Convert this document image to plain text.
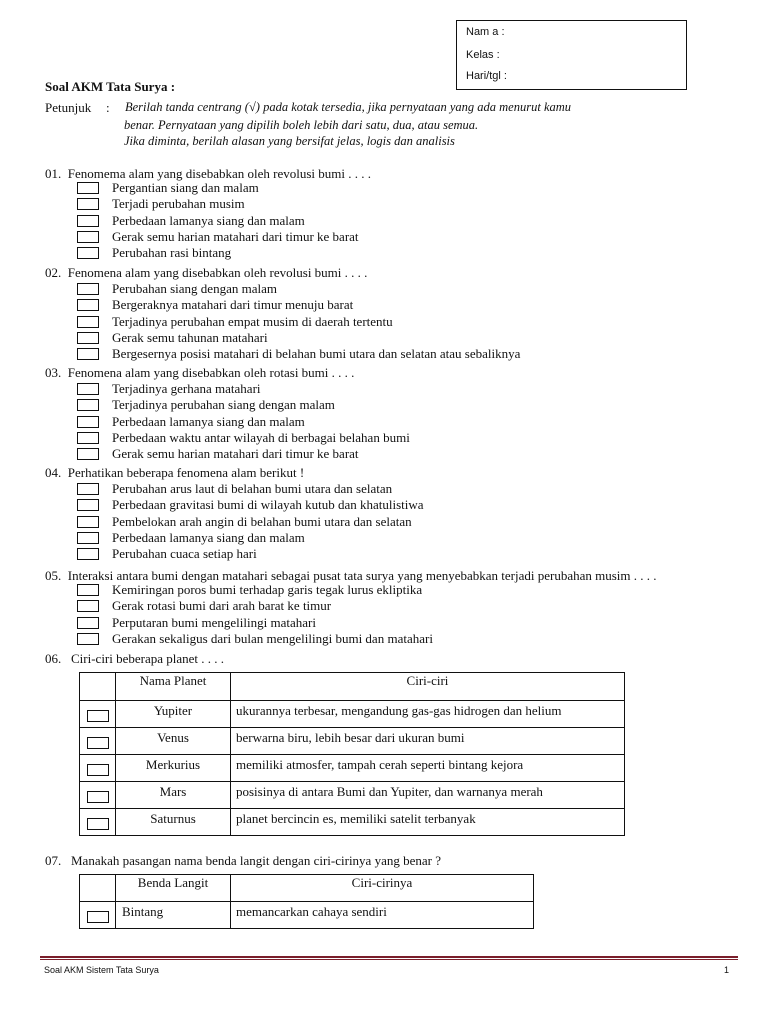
Nam a :
Kelas :
Hari/tgl :
Soal AKM Tata Surya :
Petunjuk : Berilah tanda centrang (√) pada kotak tersedia, jika pernyataan yang ada menurut kamu
benar. Pernyataan yang dipilih boleh lebih dari satu, dua, atau semua.
Jika diminta, berilah alasan yang bersifat jelas, logis dan analisis
01. Fenomema alam yang disebabkan oleh revolusi bumi . . . .
Pergantian siang dan malam
Terjadi perubahan musim
Perbedaan lamanya siang dan malam
Gerak semu harian matahari dari timur ke barat
Perubahan rasi bintang
02. Fenomena alam yang disebabkan oleh revolusi bumi . . . .
Perubahan siang dengan malam
Bergeraknya matahari dari timur menuju barat
Terjadinya perubahan empat musim di daerah tertentu
Gerak semu tahunan matahari
Bergesernya posisi matahari di belahan bumi utara dan selatan atau sebaliknya
03. Fenomena alam yang disebabkan oleh rotasi bumi . . . .
Terjadinya gerhana matahari
Terjadinya perubahan siang dengan malam
Perbedaan lamanya siang dan malam
Perbedaan waktu antar wilayah di berbagai belahan bumi
Gerak semu harian matahari dari timur ke barat
04. Perhatikan beberapa fenomena alam berikut !
Perubahan arus laut di belahan bumi utara dan selatan
Perbedaan gravitasi bumi di wilayah kutub dan khatulistiwa
Pembelokan arah angin di belahan bumi utara dan selatan
Perbedaan lamanya siang dan malam
Perubahan cuaca setiap hari
05. Interaksi antara bumi dengan matahari sebagai pusat tata surya yang menyebabkan terjadi perubahan musim . . . .
Kemiringan poros bumi terhadap garis tegak lurus ekliptika
Gerak rotasi bumi dari arah barat ke timur
Perputaran bumi mengelilingi matahari
Gerakan sekaligus dari bulan mengelilingi bumi dan matahari
06. Ciri-ciri beberapa planet . . . .
	Nama Planet	Ciri-ciri
	Yupiter	ukurannya terbesar, mengandung gas-gas hidrogen dan helium
	Venus	berwarna biru, lebih besar dari ukuran bumi
	Merkurius	memiliki atmosfer, tampah cerah seperti bintang kejora
	Mars	posisinya di antara Bumi dan Yupiter, dan warnanya merah
	Saturnus	planet bercincin es, memiliki satelit terbanyak
07. Manakah pasangan nama benda langit dengan ciri-cirinya yang benar ?
	Benda Langit	Ciri-cirinya
	Bintang	memancarkan cahaya sendiri
Soal AKM Sistem Tata Surya	1
